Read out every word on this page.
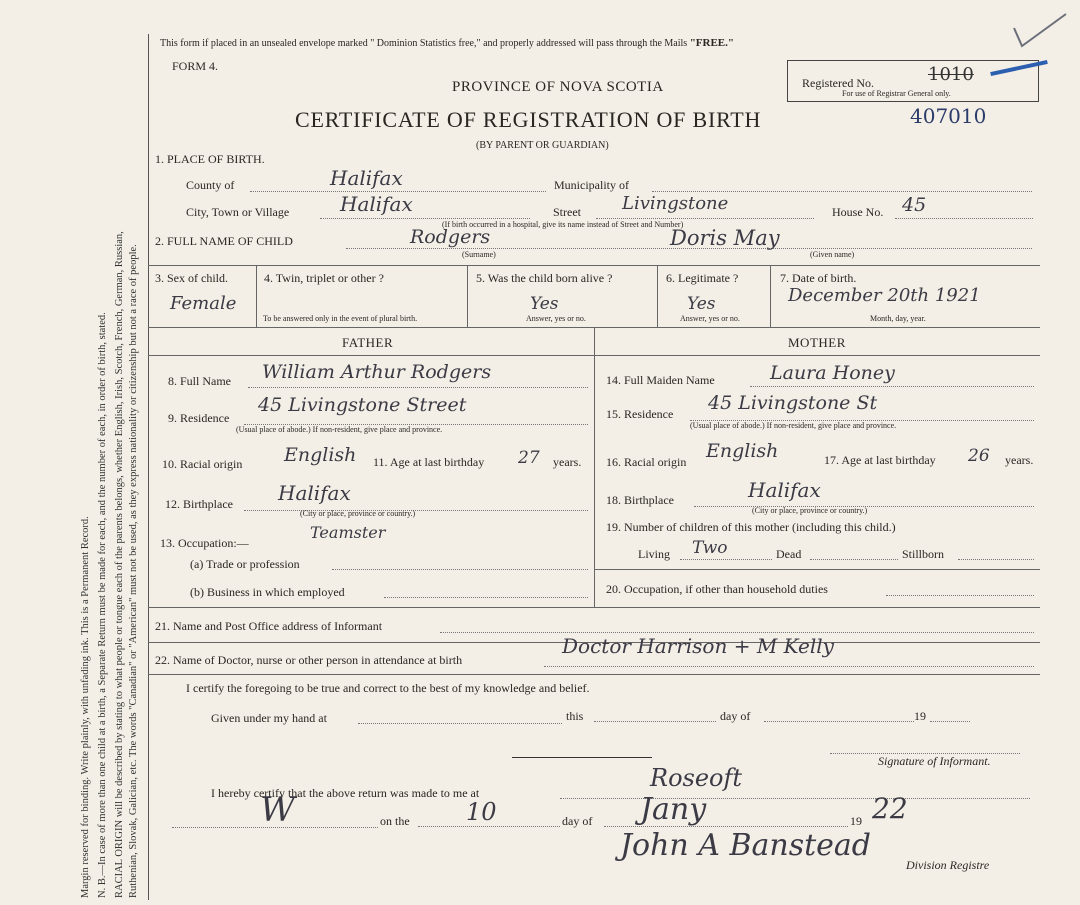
Margin reserved for binding. Write plainly, with unfading ink. This is a Permanent Record. N. B.—In case of more than one child at a birth, a Separate Return must be made for each, and the number of each, in order of birth, stated. RACIAL ORIGIN will be described by stating to what people or tongue each of the parents belongs, whether English, Irish, Scotch, French, German, Russian, Ruthenian, Slovak, Galician, etc. The words "Canadian" or "American" must not be used, as they express nationality or citizenship but not a race of people.
This form if placed in an unsealed envelope marked " Dominion Statistics free," and properly addressed will pass through the Mails "FREE."
FORM 4.
PROVINCE OF NOVA SCOTIA
CERTIFICATE OF REGISTRATION OF BIRTH	407010
(BY PARENT OR GUARDIAN)
Registered No.	1010
For use of Registrar General only.
1. PLACE OF BIRTH.
County of	Halifax	Municipality of
City, Town or Village	Halifax	Street Livingstone
(If birth occurred in a hospital, give its name instead of Street and Number)
House No. 45
2. FULL NAME OF CHILD	Rodgers
(Surname)
Doris May
(Given name)
3. Sex of child.
Female
4. Twin, triplet or other ?
To be answered only in the event of plural birth.
5. Was the child born alive ?
Yes
Answer, yes or no.
6. Legitimate ?
Yes
Answer, yes or no.
7. Date of birth.
December 20th 1921
Month, day, year.
FATHER	MOTHER
8. Full Name William Arthur Rodgers
9. Residence
45 Livingstone Street
(Usual place of abode.) If non-resident, give place and province.
10. Racial origin English 11. Age at last birthday 27 years.
12. Birthplace Halifax
(City or place, province or country.)
13. Occupation:—
Teamster
(a) Trade or profession
(b) Business in which employed
14. Full Maiden Name	Laura Honey
15. Residence 45 Livingstone St
(Usual place of abode.) If non-resident, give place and province.
16. Racial origin English	17. Age at last birthday 26 years.
18. Birthplace	Halifax
(City or place, province or country.)
19. Number of children of this mother (including this child.)
Living Two	Dead	Stillborn
20. Occupation, if other than household duties
21. Name and Post Office address of Informant
22. Name of Doctor, nurse or other person in attendance at birth
Doctor Harrison + M Kelly
I certify the foregoing to be true and correct to the best of my knowledge and belief.
Given under my hand at	this	day of	19
Signature of Informant.
I hereby certify that the above return was made to me at
Roseoft
W	on the 10	day of Jany	19 22
John A Banstead
Division Registre
